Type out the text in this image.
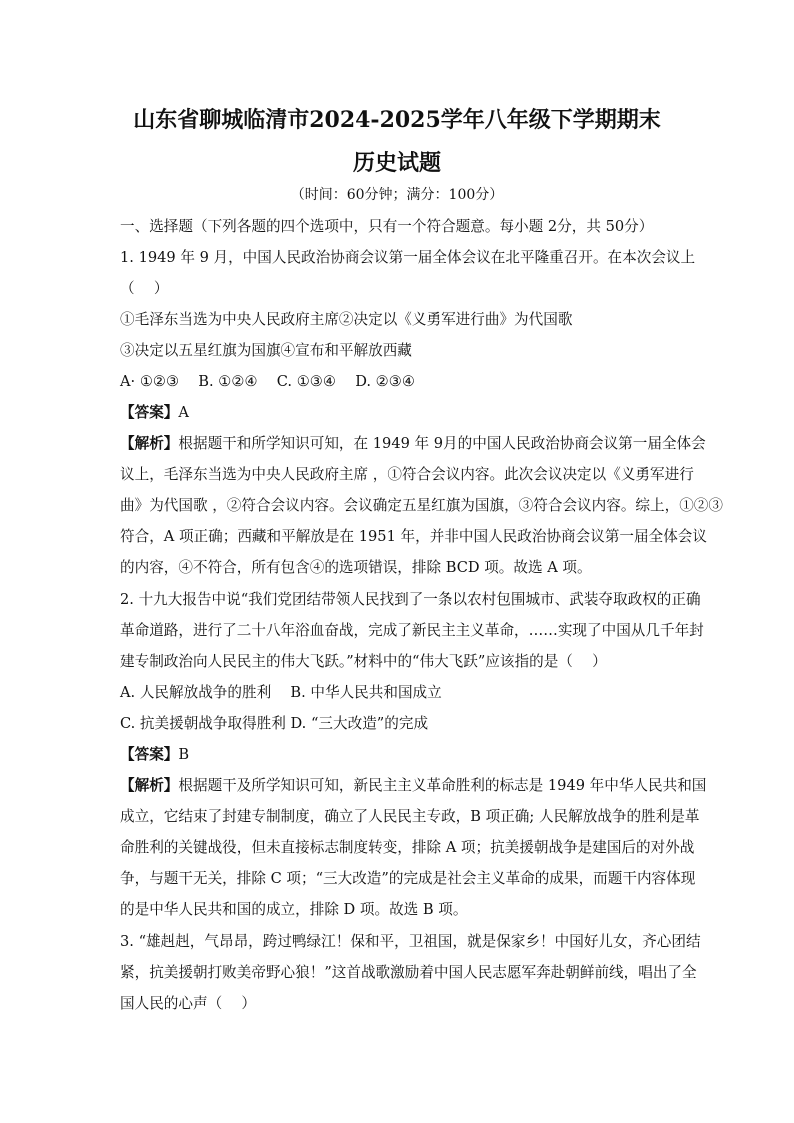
山东省聊城临清市2024-2025学年八年级下学期期末
历史试题
（时间：60分钟；满分：100分）
一、选择题（下列各题的四个选项中，只有一个符合题意。每小题 2分，共 50分）
1. 1949 年 9 月，中国人民政治协商会议第一届全体会议在北平隆重召开。在本次会议上
（　 ）
①毛泽东当选为中央人民政府主席②决定以《义勇军进行曲》为代国歌
③决定以五星红旗为国旗④宣布和平解放西藏
A· ①②③　 B. ①②④　 C. ①③④　 D. ②③④
【答案】A
【解析】根据题干和所学知识可知，在 1949 年 9月的中国人民政治协商会议第一届全体会
议上，毛泽东当选为中央人民政府主席 ，①符合会议内容。此次会议决定以《义勇军进行
曲》为代国歌 ，②符合会议内容。会议确定五星红旗为国旗，③符合会议内容。综上，①②③
符合，A 项正确；西藏和平解放是在 1951 年，并非中国人民政治协商会议第一届全体会议
的内容，④不符合，所有包含④的选项错误，排除 BCD 项。故选 A 项。
2. 十九大报告中说“我们党团结带领人民找到了一条以农村包围城市、武装夺取政权的正确
革命道路，进行了二十八年浴血奋战，完成了新民主主义革命，……实现了中国从几千年封
建专制政治向人民民主的伟大飞跃。”材料中的“伟大飞跃”应该指的是（　 ）
A. 人民解放战争的胜利　 B. 中华人民共和国成立
C. 抗美援朝战争取得胜利 D. “三大改造”的完成
【答案】B
【解析】根据题干及所学知识可知，新民主主义革命胜利的标志是 1949 年中华人民共和国
成立，它结束了封建专制制度，确立了人民民主专政，B 项正确; 人民解放战争的胜利是革
命胜利的关键战役，但未直接标志制度转变，排除 A 项；抗美援朝战争是建国后的对外战
争，与题干无关，排除 C 项；“三大改造”的完成是社会主义革命的成果，而题干内容体现
的是中华人民共和国的成立，排除 D 项。故选 B 项。
3. “雄赳赳，气昂昂，跨过鸭绿江！保和平，卫祖国，就是保家乡！中国好儿女，齐心团结
紧，抗美援朝打败美帝野心狼！”这首战歌激励着中国人民志愿军奔赴朝鲜前线，唱出了全
国人民的心声（　 ）
